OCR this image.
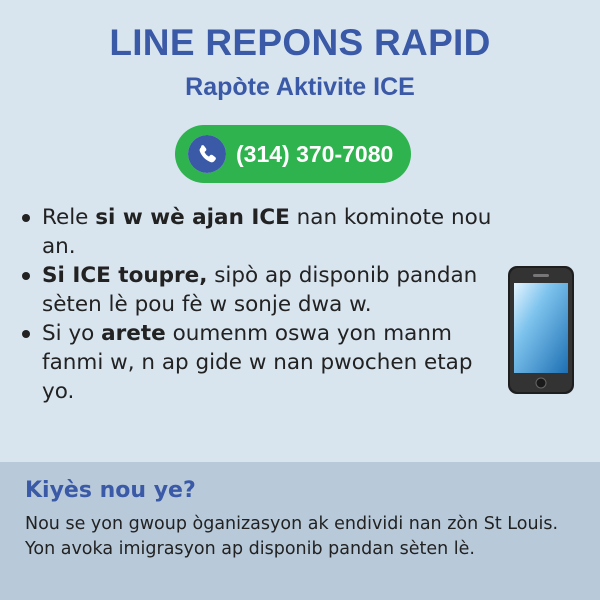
LINE REPONS RAPID
Rapòte Aktivite ICE
(314) 370-7080
Rele si w wè ajan ICE nan kominote nou an.
Si ICE toupre, sipò ap disponib pandan sèten lè pou fè w sonje dwa w.
Si yo arete oumenm oswa yon manm fanmi w, n ap gide w nan pwochen etap yo.
Kiyès nou ye?
Nou se yon gwoup òganizasyon ak endividi nan zòn St Louis. Yon avoka imigrasyon ap disponib pandan sèten lè.
